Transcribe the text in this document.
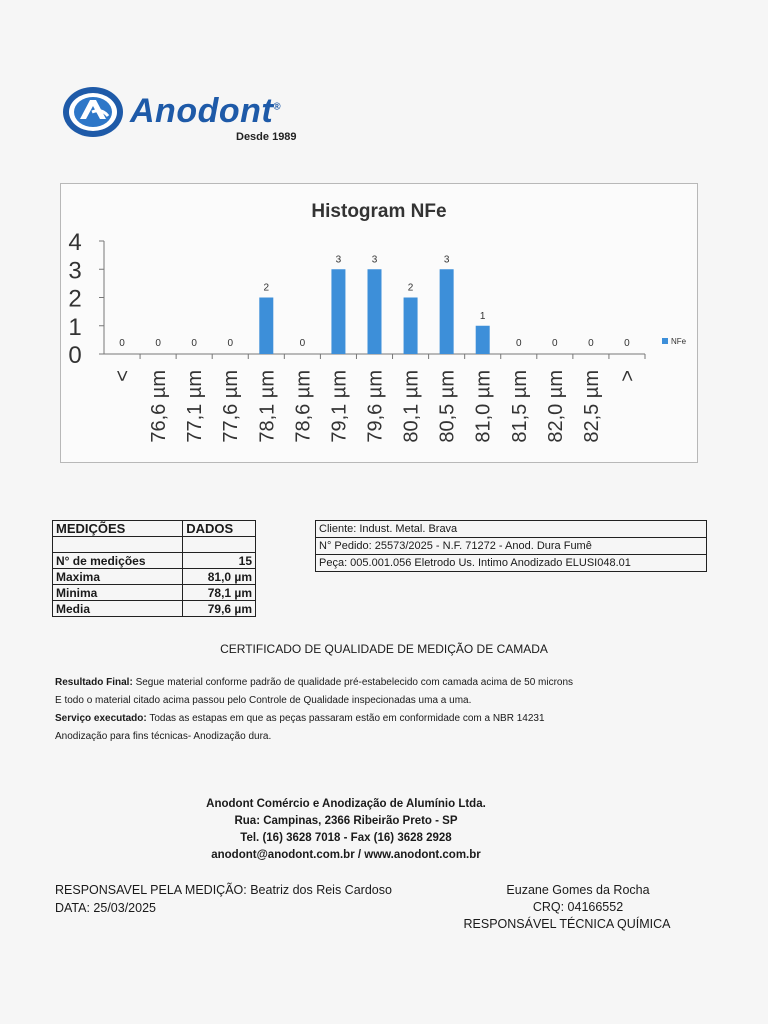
Anodont®
Desde 1989
Histogram NFe
0
1
2
3
4
0
<
0
76,6 µm
0
77,1 µm
0
77,6 µm
2
78,1 µm
0
78,6 µm
3
79,1 µm
3
79,6 µm
2
80,1 µm
3
80,5 µm
1
81,0 µm
0
81,5 µm
0
82,0 µm
0
82,5 µm
0
>
NFe
MEDIÇÕES	DADOS

N° de medições	15
Maxima	81,0 µm
Minima	78,1 µm
Media	79,6 µm
Cliente: Indust. Metal. Brava
N° Pedido: 25573/2025 - N.F. 71272 - Anod. Dura Fumê
Peça: 005.001.056 Eletrodo Us. Intimo Anodizado ELUSI048.01
CERTIFICADO DE QUALIDADE DE MEDIÇÃO DE CAMADA
Resultado Final: Segue material conforme padrão de qualidade pré-estabelecido com camada acima de 50 microns
E todo o material citado acima passou pelo Controle de Qualidade inspecionadas uma a uma.
Serviço executado: Todas as estapas em que as peças passaram estão em conformidade com a NBR 14231
Anodização para fins técnicas- Anodização dura.
Anodont Comércio e Anodização de Alumínio Ltda.
Rua: Campinas, 2366 Ribeirão Preto - SP
Tel. (16) 3628 7018 - Fax (16) 3628 2928
anodont@anodont.com.br / www.anodont.com.br
RESPONSAVEL PELA MEDIÇÃO: Beatriz dos Reis Cardoso
DATA: 25/03/2025
Euzane Gomes da Rocha
CRQ: 04166552
RESPONSÁVEL TÉCNICA QUÍMICA
